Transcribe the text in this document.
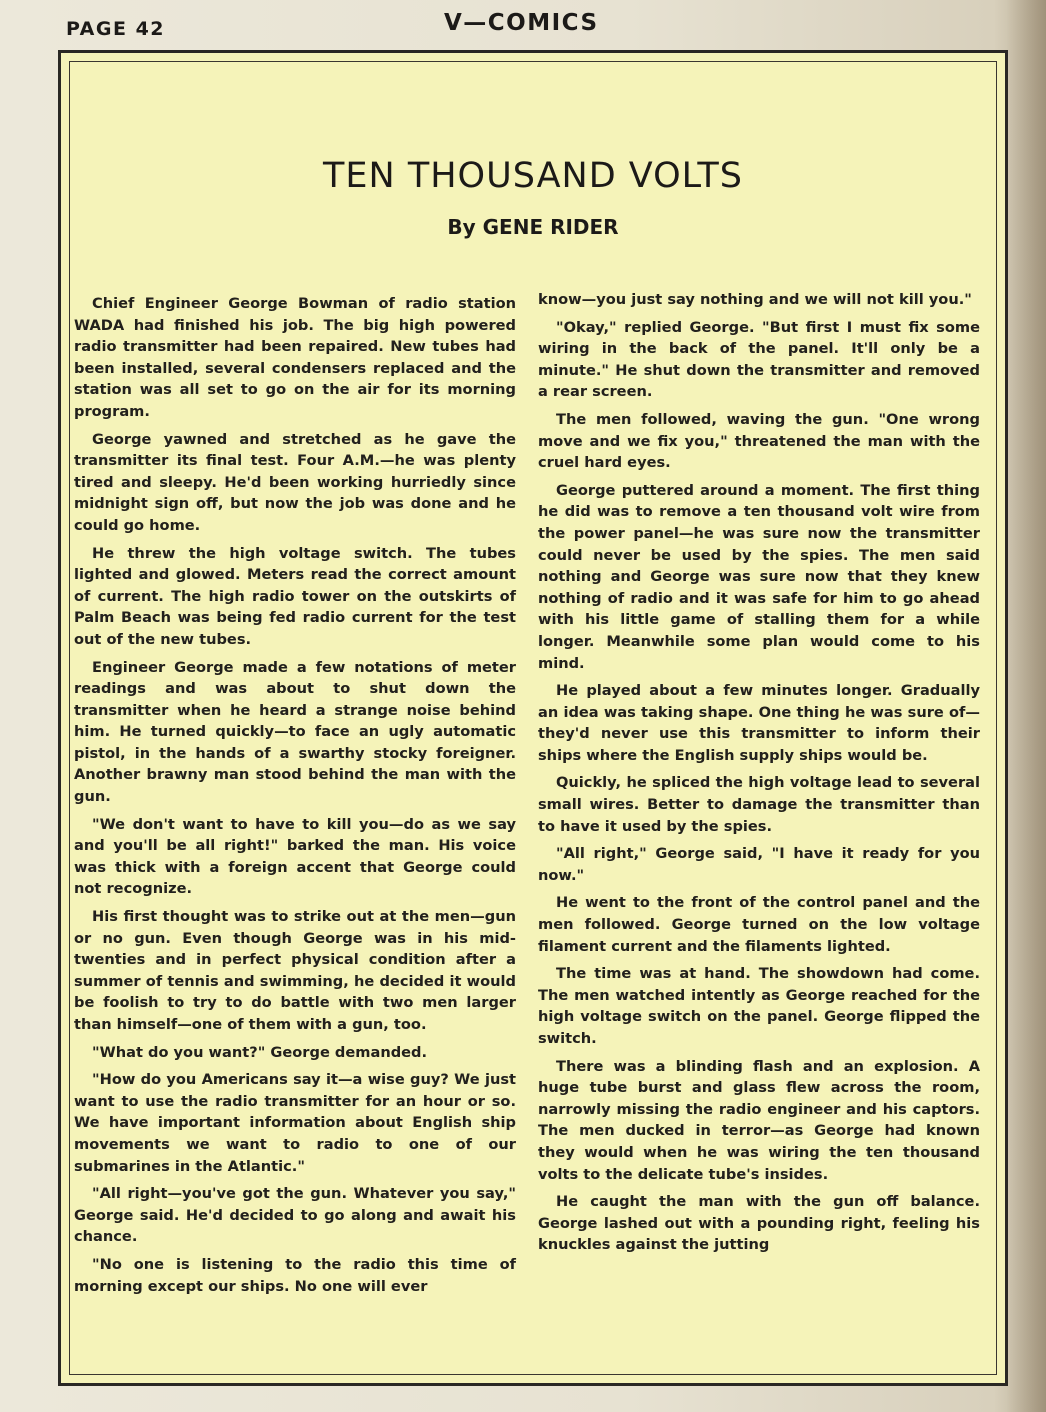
PAGE 42	V—COMICS
TEN THOUSAND VOLTS
By GENE RIDER

Chief Engineer George Bowman of radio station WADA had finished his job. The big high powered radio transmitter had been repaired. New tubes had been installed, several condensers replaced and the station was all set to go on the air for its morning program.

George yawned and stretched as he gave the transmitter its final test. Four A.M.—he was plenty tired and sleepy. He'd been working hurriedly since midnight sign off, but now the job was done and he could go home.

He threw the high voltage switch. The tubes lighted and glowed. Meters read the correct amount of current. The high radio tower on the outskirts of Palm Beach was being fed radio current for the test out of the new tubes.

Engineer George made a few notations of meter readings and was about to shut down the transmitter when he heard a strange noise behind him. He turned quickly—to face an ugly automatic pistol, in the hands of a swarthy stocky foreigner. Another brawny man stood behind the man with the gun.

"We don't want to have to kill you—do as we say and you'll be all right!" barked the man. His voice was thick with a foreign accent that George could not recognize.

His first thought was to strike out at the men—gun or no gun. Even though George was in his mid-twenties and in perfect physical condition after a summer of tennis and swimming, he decided it would be foolish to try to do battle with two men larger than himself—one of them with a gun, too.

"What do you want?" George demanded.

"How do you Americans say it—a wise guy? We just want to use the radio transmitter for an hour or so. We have important information about English ship movements we want to radio to one of our submarines in the Atlantic."

"All right—you've got the gun. Whatever you say," George said. He'd decided to go along and await his chance.

"No one is listening to the radio this time of morning except our ships. No one will ever

know—you just say nothing and we will not kill you."

"Okay," replied George. "But first I must fix some wiring in the back of the panel. It'll only be a minute." He shut down the transmitter and removed a rear screen.

The men followed, waving the gun. "One wrong move and we fix you," threatened the man with the cruel hard eyes.

George puttered around a moment. The first thing he did was to remove a ten thousand volt wire from the power panel—he was sure now the transmitter could never be used by the spies. The men said nothing and George was sure now that they knew nothing of radio and it was safe for him to go ahead with his little game of stalling them for a while longer. Meanwhile some plan would come to his mind.

He played about a few minutes longer. Gradually an idea was taking shape. One thing he was sure of—they'd never use this transmitter to inform their ships where the English supply ships would be.

Quickly, he spliced the high voltage lead to several small wires. Better to damage the transmitter than to have it used by the spies.

"All right," George said, "I have it ready for you now."

He went to the front of the control panel and the men followed. George turned on the low voltage filament current and the filaments lighted.

The time was at hand. The showdown had come. The men watched intently as George reached for the high voltage switch on the panel. George flipped the switch.

There was a blinding flash and an explosion. A huge tube burst and glass flew across the room, narrowly missing the radio engineer and his captors. The men ducked in terror—as George had known they would when he was wiring the ten thousand volts to the delicate tube's insides.

He caught the man with the gun off balance. George lashed out with a pounding right, feeling his knuckles against the jutting
